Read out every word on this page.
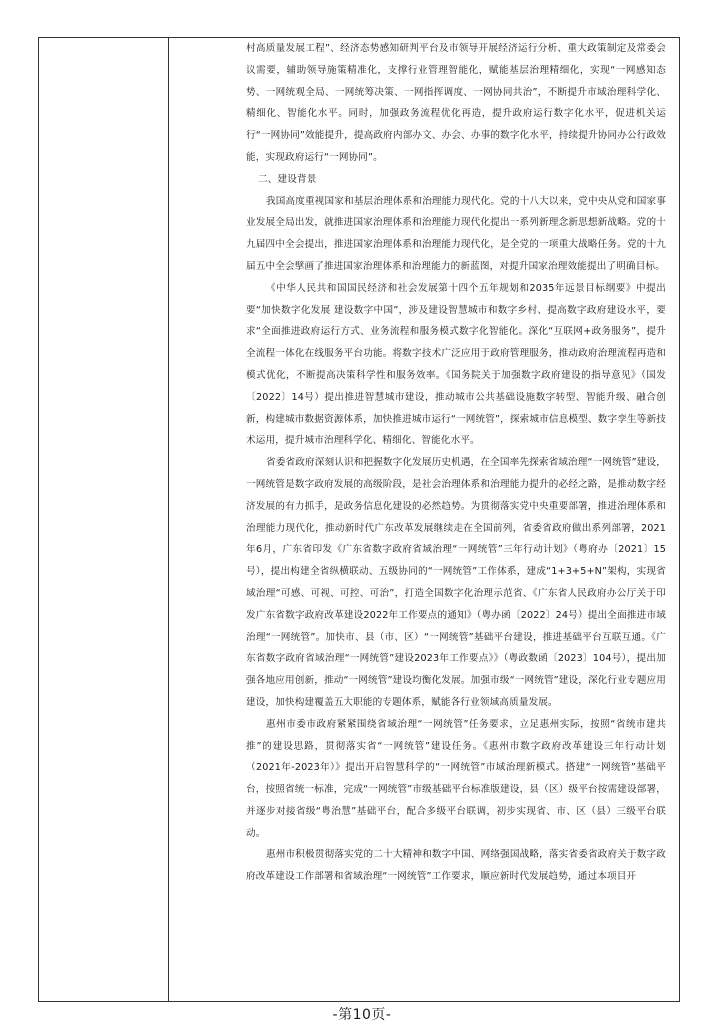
村高质量发展工程”、经济态势感知研判平台及市领导开展经济运行分析、重大政策制定及常委会议需要，辅助领导施策精准化，支撑行业管理智能化，赋能基层治理精细化，实现“一网感知态势、一网统观全局、一网统筹决策、一网指挥调度、一网协同共治”，不断提升市域治理科学化、精细化、智能化水平。同时，加强政务流程优化再造，提升政府运行数字化水平，促进机关运行“一网协同”效能提升，提高政府内部办文、办会、办事的数字化水平，持续提升协同办公行政效能，实现政府运行“一网协同”。

二、建设背景

我国高度重视国家和基层治理体系和治理能力现代化。党的十八大以来，党中央从党和国家事业发展全局出发，就推进国家治理体系和治理能力现代化提出一系列新理念新思想新战略。党的十九届四中全会提出，推进国家治理体系和治理能力现代化，是全党的一项重大战略任务。党的十九届五中全会擘画了推进国家治理体系和治理能力的新蓝图，对提升国家治理效能提出了明确目标。

《中华人民共和国国民经济和社会发展第十四个五年规划和2035年远景目标纲要》中提出要“加快数字化发展 建设数字中国”，涉及建设智慧城市和数字乡村、提高数字政府建设水平，要求“全面推进政府运行方式、业务流程和服务模式数字化智能化。深化“互联网+政务服务”，提升全流程一体化在线服务平台功能。将数字技术广泛应用于政府管理服务，推动政府治理流程再造和模式优化，不断提高决策科学性和服务效率。《国务院关于加强数字政府建设的指导意见》（国发〔2022〕14号）提出推进智慧城市建设，推动城市公共基础设施数字转型、智能升级、融合创新，构建城市数据资源体系，加快推进城市运行“一网统管”，探索城市信息模型、数字孪生等新技术运用，提升城市治理科学化、精细化、智能化水平。

省委省政府深刻认识和把握数字化发展历史机遇，在全国率先探索省域治理“一网统管”建设，一网统管是数字政府发展的高级阶段，是社会治理体系和治理能力提升的必经之路，是推动数字经济发展的有力抓手，是政务信息化建设的必然趋势。为贯彻落实党中央重要部署，推进治理体系和治理能力现代化，推动新时代广东改革发展继续走在全国前列，省委省政府做出系列部署，2021年6月，广东省印发《广东省数字政府省域治理“一网统管”三年行动计划》（粤府办〔2021〕15号），提出构建全省纵横联动、五级协同的“一网统管”工作体系，建成“1+3+5+N”架构，实现省域治理“可感、可视、可控、可治”，打造全国数字化治理示范省、《广东省人民政府办公厅关于印发广东省数字政府改革建设2022年工作要点的通知》（粤办函〔2022〕24号）提出全面推进市域治理“一网统管”。加快市、县（市、区）“一网统管”基础平台建设，推进基础平台互联互通。《广东省数字政府省域治理“一网统管”建设2023年工作要点》》（粤政数函〔2023〕104号），提出加强各地应用创新，推动“一网统管”建设均衡化发展。加强市级“一网统管”建设，深化行业专题应用建设，加快构建覆盖五大职能的专题体系，赋能各行业领域高质量发展。

惠州市委市政府紧紧围绕省域治理“一网统管”任务要求，立足惠州实际，按照“省统市建共推”的建设思路，贯彻落实省“一网统管”建设任务。《惠州市数字政府改革建设三年行动计划（2021年-2023年）》提出开启智慧科学的“一网统管”市域治理新模式。搭建“一网统管”基础平台，按照省统一标准，完成“一网统管”市级基础平台标准版建设，县（区）级平台按需建设部署，并逐步对接省级“粤治慧”基础平台，配合多级平台联调，初步实现省、市、区（县）三级平台联动。

惠州市积极贯彻落实党的二十大精神和数字中国、网络强国战略，落实省委省政府关于数字政府改革建设工作部署和省域治理“一网统管”工作要求，顺应新时代发展趋势，通过本项目开

-第10页-
